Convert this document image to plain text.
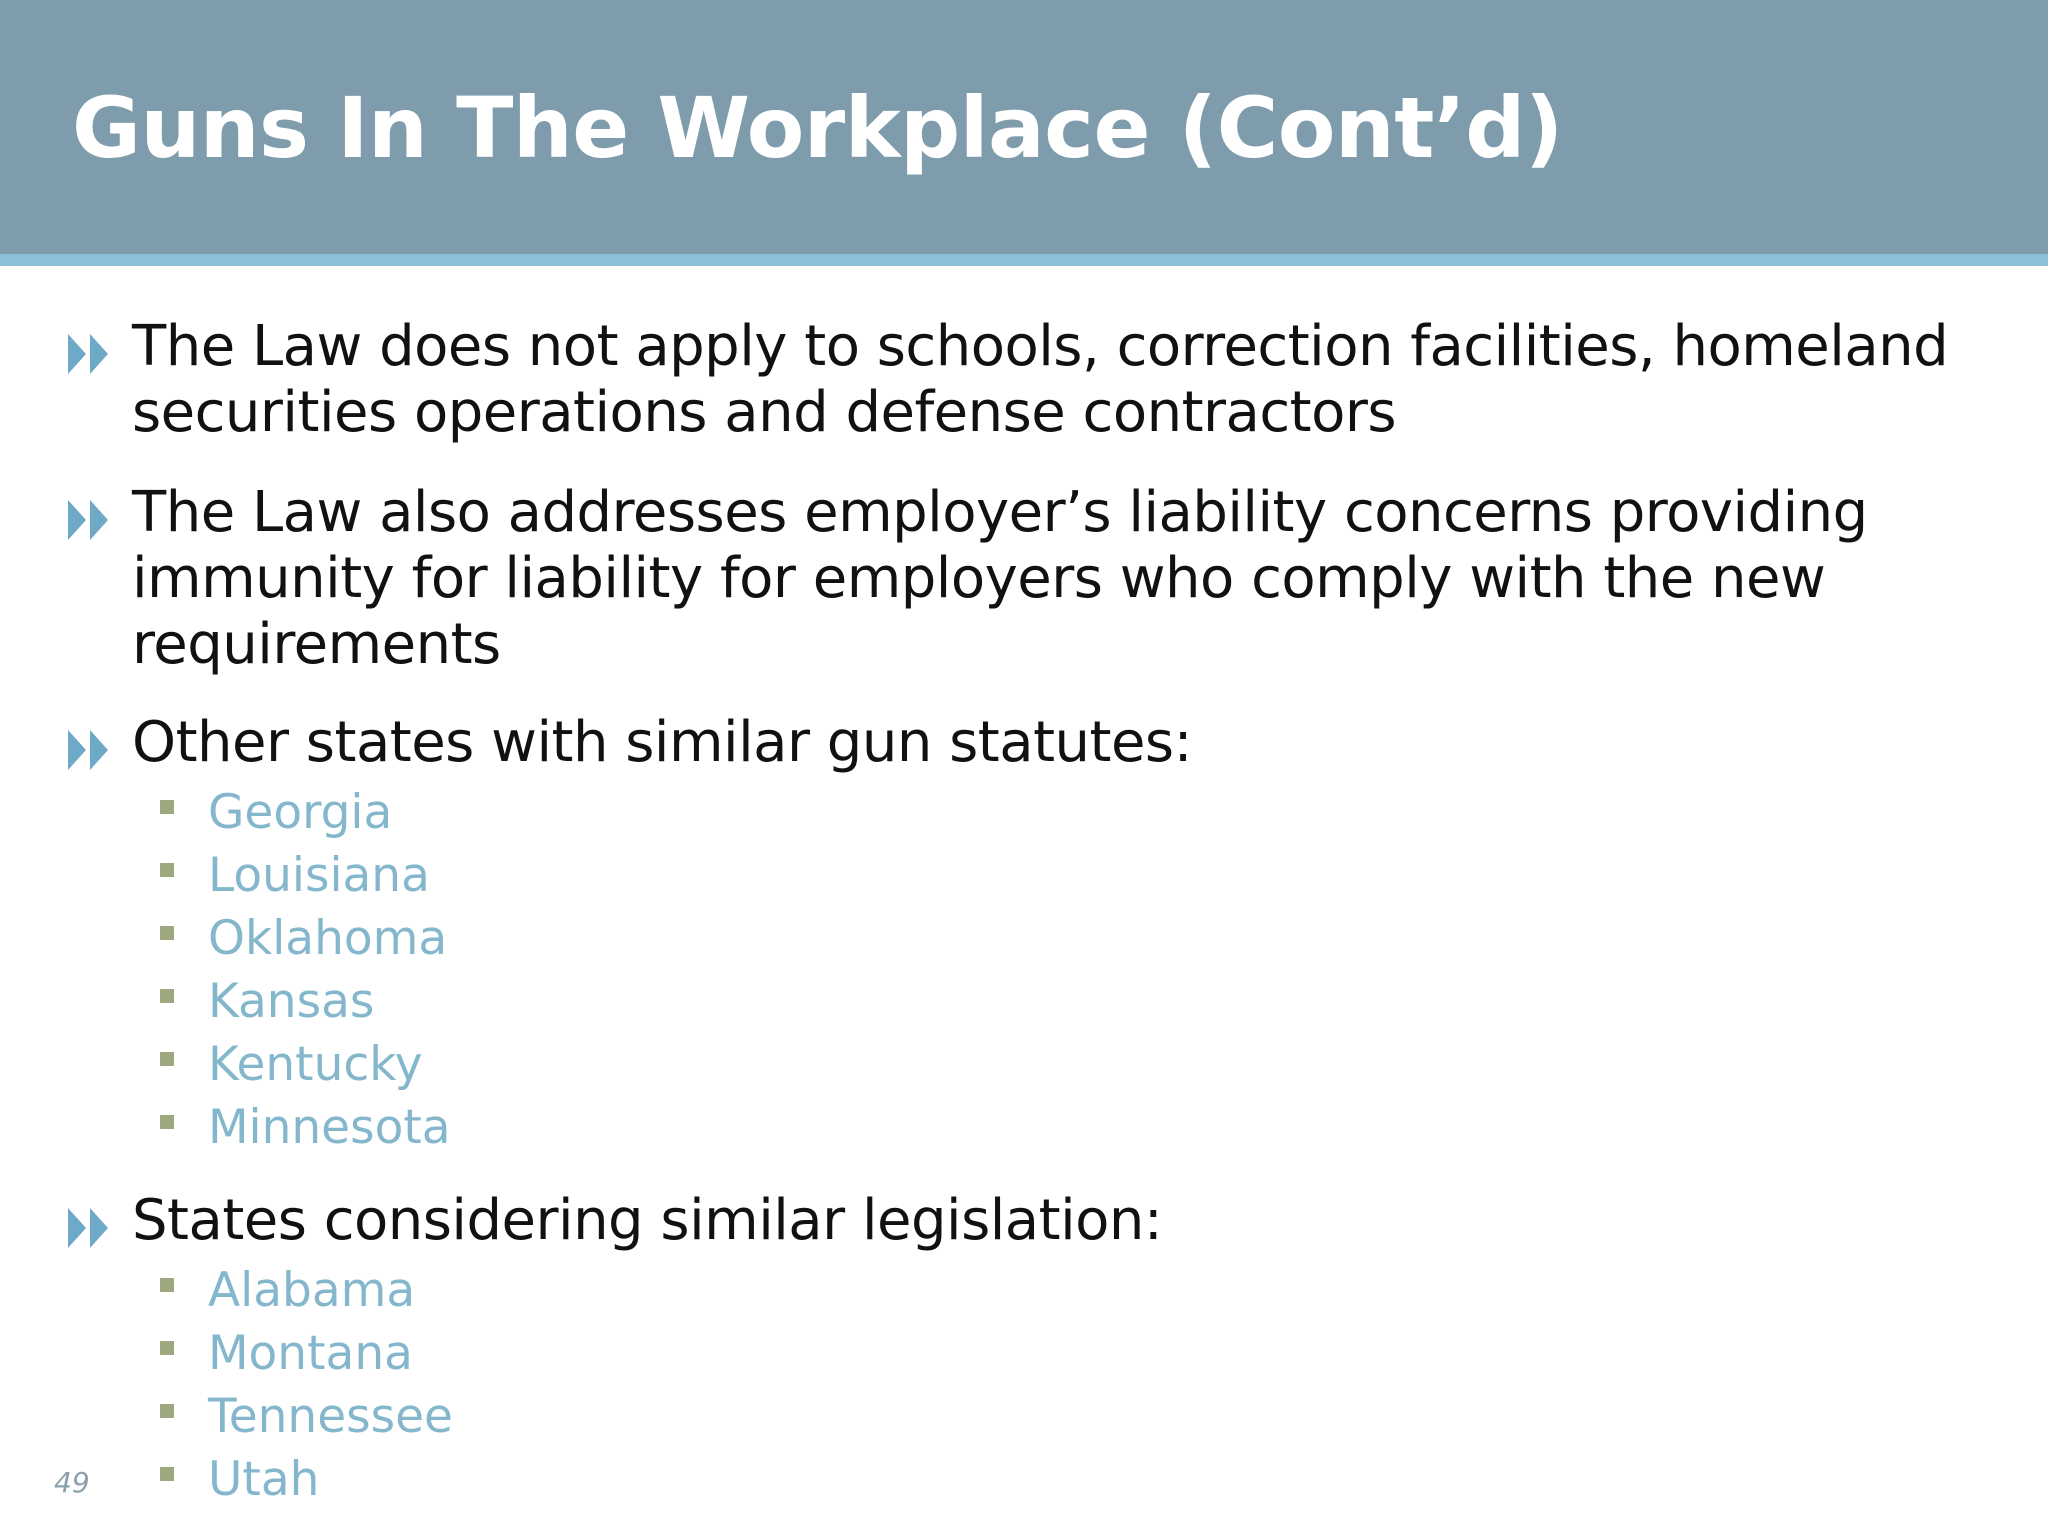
Guns In The Workplace (Cont’d)
The Law does not apply to schools, correction facilities, homeland securities operations and defense contractors
The Law also addresses employer’s liability concerns providing immunity for liability for employers who comply with the new requirements
Other states with similar gun statutes:
Georgia
Louisiana
Oklahoma
Kansas
Kentucky
Minnesota
States considering similar legislation:
Alabama
Montana
Tennessee
Utah
49
